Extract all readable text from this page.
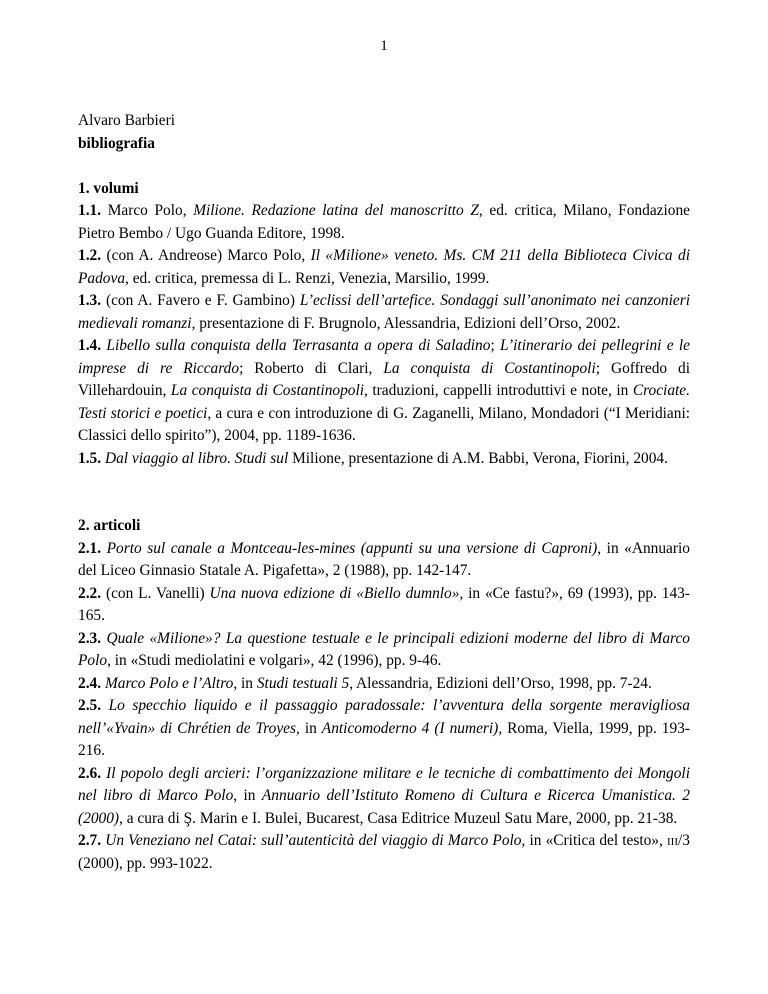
1
Alvaro Barbieri
bibliografia
1. volumi
1.1. Marco Polo, Milione. Redazione latina del manoscritto Z, ed. critica, Milano, Fondazione Pietro Bembo / Ugo Guanda Editore, 1998.
1.2. (con A. Andreose) Marco Polo, Il «Milione» veneto. Ms. CM 211 della Biblioteca Civica di Padova, ed. critica, premessa di L. Renzi, Venezia, Marsilio, 1999.
1.3. (con A. Favero e F. Gambino) L’eclissi dell’artefice. Sondaggi sull’anonimato nei canzonieri medievali romanzi, presentazione di F. Brugnolo, Alessandria, Edizioni dell’Orso, 2002.
1.4. Libello sulla conquista della Terrasanta a opera di Saladino; L’itinerario dei pellegrini e le imprese di re Riccardo; Roberto di Clari, La conquista di Costantinopoli; Goffredo di Villehardouin, La conquista di Costantinopoli, traduzioni, cappelli introduttivi e note, in Crociate. Testi storici e poetici, a cura e con introduzione di G. Zaganelli, Milano, Mondadori (“I Meridiani: Classici dello spirito”), 2004, pp. 1189-1636.
1.5. Dal viaggio al libro. Studi sul Milione, presentazione di A.M. Babbi, Verona, Fiorini, 2004.
2. articoli
2.1. Porto sul canale a Montceau-les-mines (appunti su una versione di Caproni), in «Annuario del Liceo Ginnasio Statale A. Pigafetta», 2 (1988), pp. 142-147.
2.2. (con L. Vanelli) Una nuova edizione di «Biello dumnlo», in «Ce fastu?», 69 (1993), pp. 143-165.
2.3. Quale «Milione»? La questione testuale e le principali edizioni moderne del libro di Marco Polo, in «Studi mediolatini e volgari», 42 (1996), pp. 9-46.
2.4. Marco Polo e l’Altro, in Studi testuali 5, Alessandria, Edizioni dell’Orso, 1998, pp. 7-24.
2.5. Lo specchio liquido e il passaggio paradossale: l’avventura della sorgente meravigliosa nell’«Yvain» di Chrétien de Troyes, in Anticomoderno 4 (I numeri), Roma, Viella, 1999, pp. 193-216.
2.6. Il popolo degli arcieri: l’organizzazione militare e le tecniche di combattimento dei Mongoli nel libro di Marco Polo, in Annuario dell’Istituto Romeno di Cultura e Ricerca Umanistica. 2 (2000), a cura di Ş. Marin e I. Bulei, Bucarest, Casa Editrice Muzeul Satu Mare, 2000, pp. 21-38.
2.7. Un Veneziano nel Catai: sull’autenticità del viaggio di Marco Polo, in «Critica del testo», iii/3 (2000), pp. 993-1022.
